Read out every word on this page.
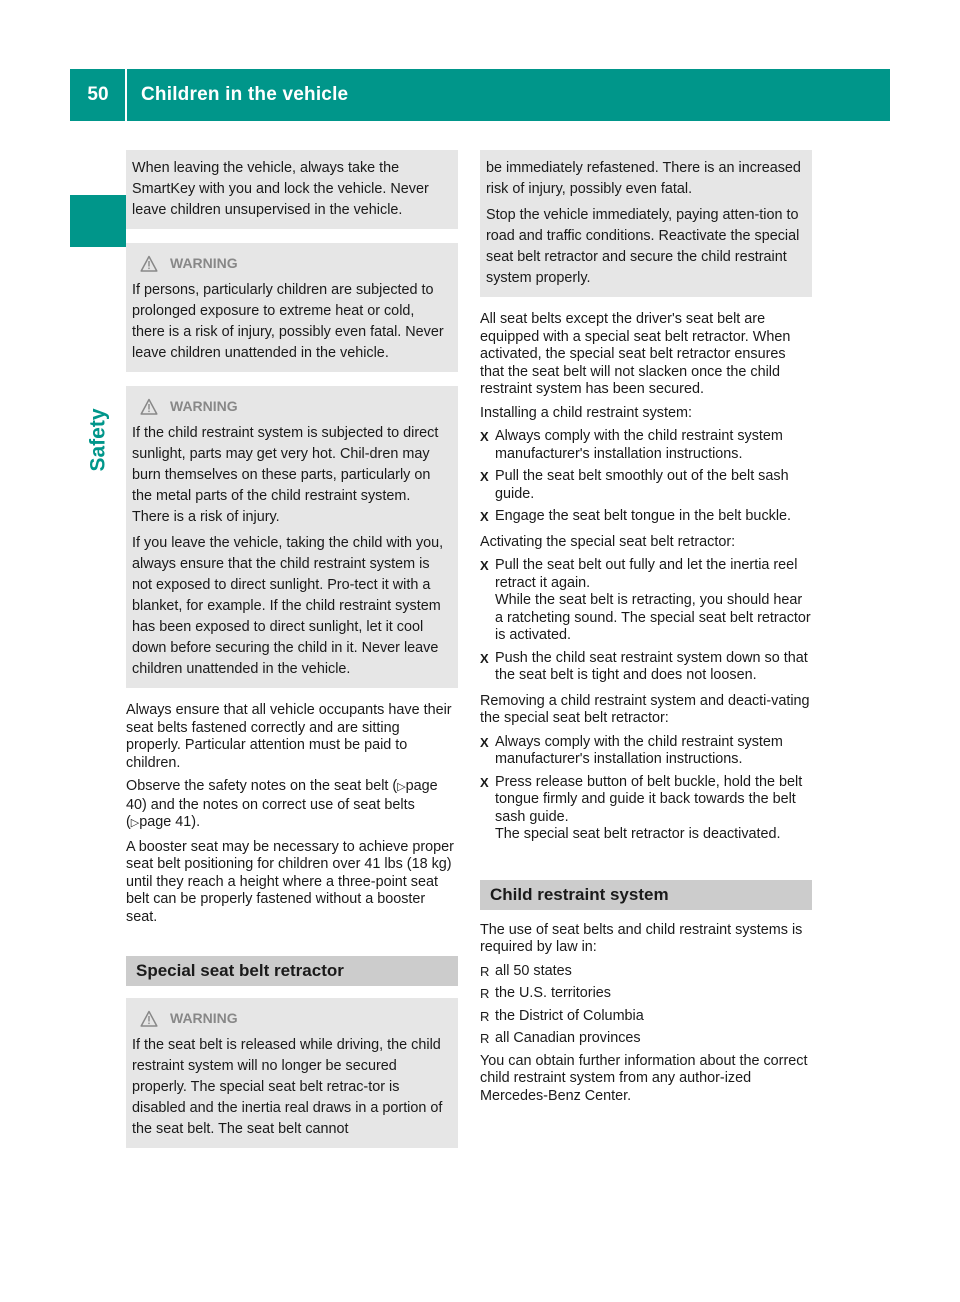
50	Children in the vehicle
Safety

When leaving the vehicle, always take the SmartKey with you and lock the vehicle. Never leave children unsupervised in the vehicle.

WARNING

If persons, particularly children are subjected to prolonged exposure to extreme heat or cold, there is a risk of injury, possibly even fatal. Never leave children unattended in the vehicle.

WARNING

If the child restraint system is subjected to direct sunlight, parts may get very hot. Chil-dren may burn themselves on these parts, particularly on the metal parts of the child restraint system. There is a risk of injury.

If you leave the vehicle, taking the child with you, always ensure that the child restraint system is not exposed to direct sunlight. Pro-tect it with a blanket, for example. If the child restraint system has been exposed to direct sunlight, let it cool down before securing the child in it. Never leave children unattended in the vehicle.

Always ensure that all vehicle occupants have their seat belts fastened correctly and are sitting properly. Particular attention must be paid to children.

Observe the safety notes on the seat belt (▷page 40) and the notes on correct use of seat belts (▷page 41).

A booster seat may be necessary to achieve proper seat belt positioning for children over 41 lbs (18 kg) until they reach a height where a three-point seat belt can be properly fastened without a booster seat.

Special seat belt retractor
WARNING

If the seat belt is released while driving, the child restraint system will no longer be secured properly. The special seat belt retrac-tor is disabled and the inertia real draws in a portion of the seat belt. The seat belt cannot

be immediately refastened. There is an increased risk of injury, possibly even fatal.

Stop the vehicle immediately, paying atten-tion to road and traffic conditions. Reactivate the special seat belt retractor and secure the child restraint system properly.

All seat belts except the driver's seat belt are equipped with a special seat belt retractor. When activated, the special seat belt retractor ensures that the seat belt will not slacken once the child restraint system has been secured.

Installing a child restraint system:

X Always comply with the child restraint system manufacturer's installation instructions.
X Pull the seat belt smoothly out of the belt sash guide.
X Engage the seat belt tongue in the belt buckle.

Activating the special seat belt retractor:

X Pull the seat belt out fully and let the inertia reel retract it again.
While the seat belt is retracting, you should hear a ratcheting sound. The special seat belt retractor is activated.
X Push the child seat restraint system down so that the seat belt is tight and does not loosen.

Removing a child restraint system and deacti-vating the special seat belt retractor:

X Always comply with the child restraint system manufacturer's installation instructions.
X Press release button of belt buckle, hold the belt tongue firmly and guide it back towards the belt sash guide.
The special seat belt retractor is deactivated.
Child restraint system

The use of seat belts and child restraint systems is required by law in:

R all 50 states
R the U.S. territories
R the District of Columbia
R all Canadian provinces

You can obtain further information about the correct child restraint system from any author-ized Mercedes-Benz Center.
